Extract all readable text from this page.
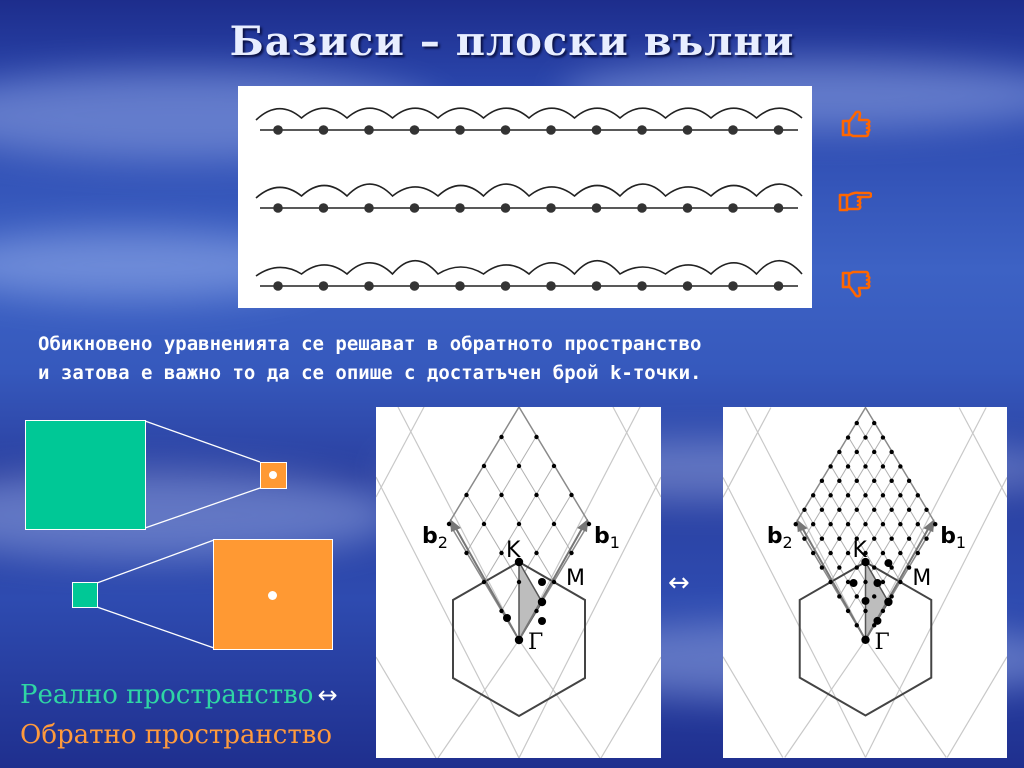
Базиси – плоски вълни
Обикновено уравненията се решават в обратното пространство
и затова е важно то да се опише с достатъчен брой k-точки.
$b_2$	$b_1$
K
M
Γ
↔
$b_2$	$b_1$
K
M
Γ
Реално пространство ↔
Обратно пространство
